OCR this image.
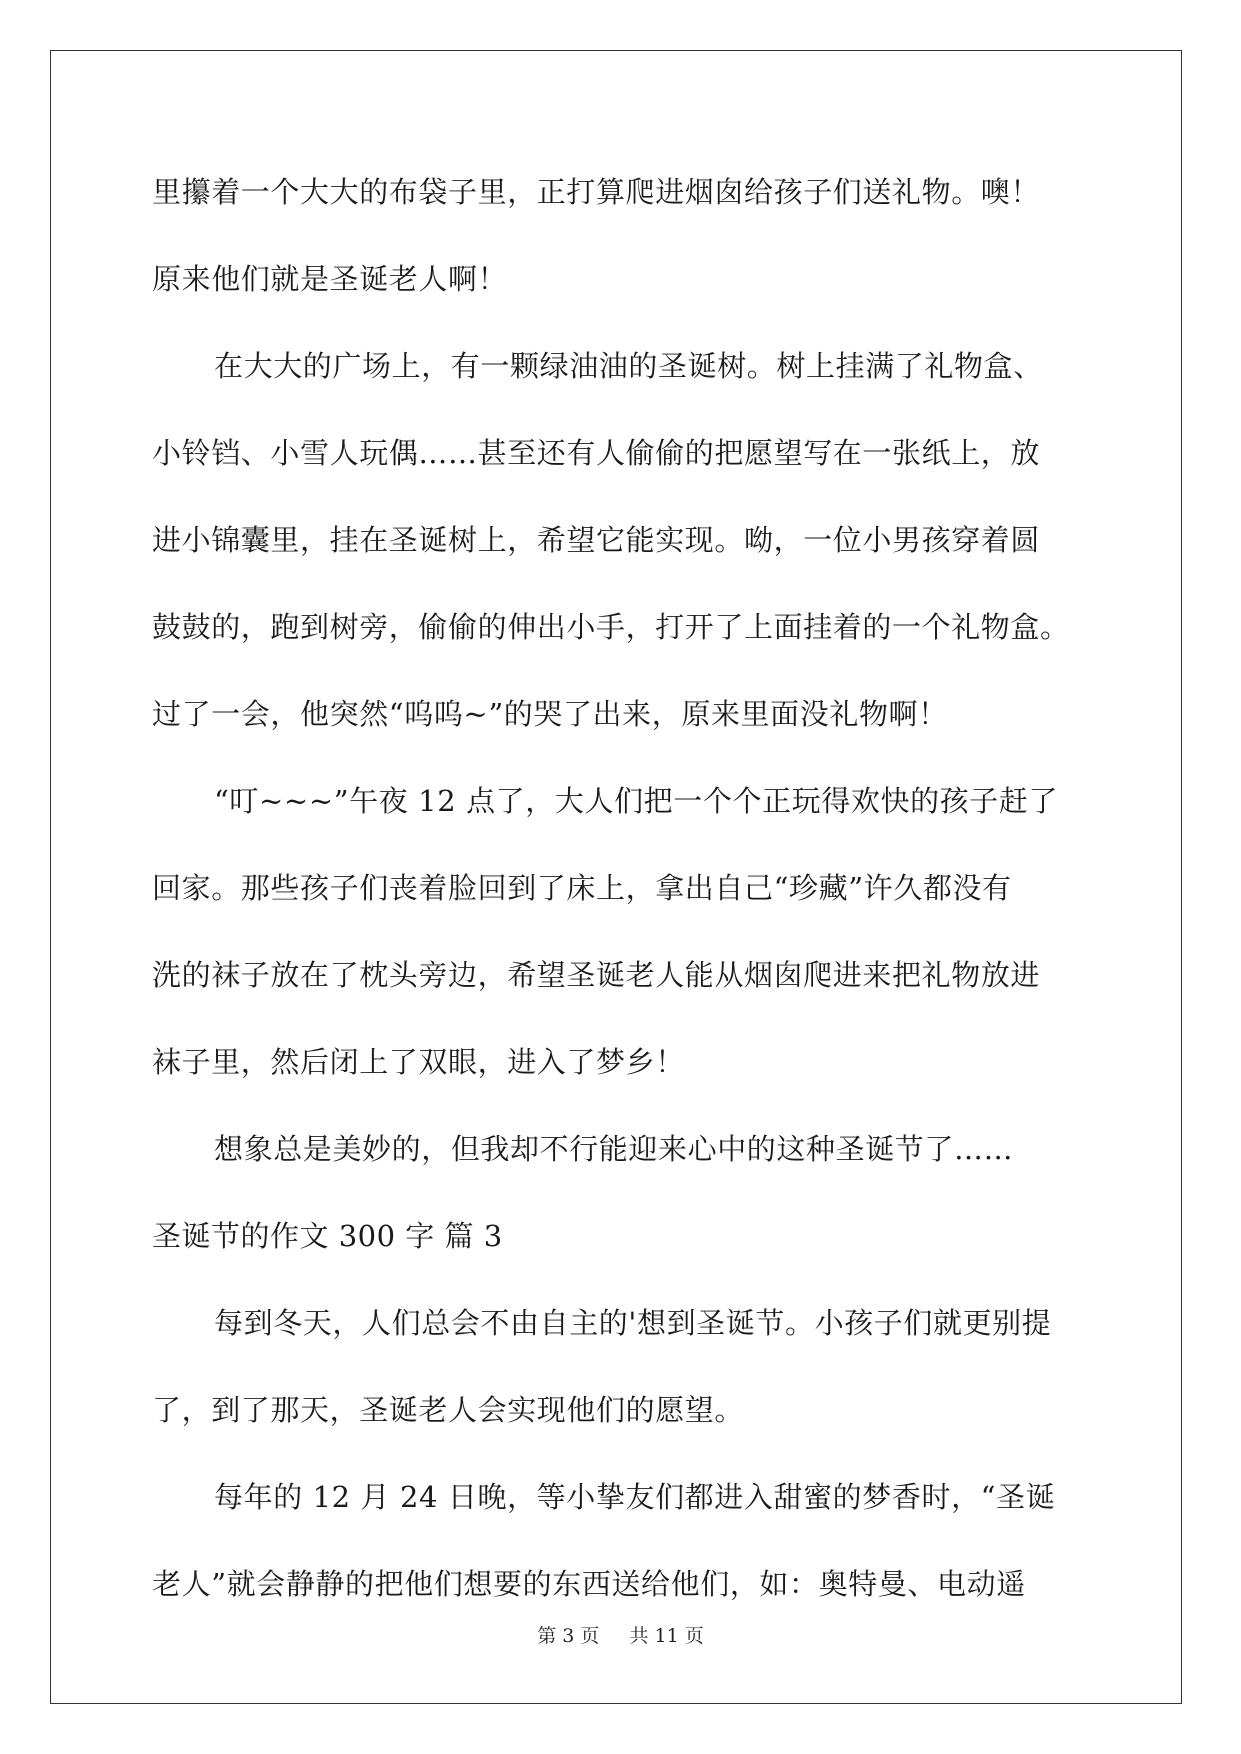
里攥着一个大大的布袋子里，正打算爬进烟囱给孩子们送礼物。噢！
原来他们就是圣诞老人啊！
在大大的广场上，有一颗绿油油的圣诞树。树上挂满了礼物盒、
小铃铛、小雪人玩偶……甚至还有人偷偷的把愿望写在一张纸上，放
进小锦囊里，挂在圣诞树上，希望它能实现。呦，一位小男孩穿着圆
鼓鼓的，跑到树旁，偷偷的伸出小手，打开了上面挂着的一个礼物盒。
过了一会，他突然“呜呜~”的哭了出来，原来里面没礼物啊！
“叮~~~”午夜 12 点了，大人们把一个个正玩得欢快的孩子赶了
回家。那些孩子们丧着脸回到了床上，拿出自己“珍藏”许久都没有
洗的袜子放在了枕头旁边，希望圣诞老人能从烟囱爬进来把礼物放进
袜子里，然后闭上了双眼，进入了梦乡！
想象总是美妙的，但我却不行能迎来心中的这种圣诞节了……
圣诞节的作文 300 字 篇 3
每到冬天，人们总会不由自主的'想到圣诞节。小孩子们就更别提
了，到了那天，圣诞老人会实现他们的愿望。
每年的 12 月 24 日晚，等小挚友们都进入甜蜜的梦香时，“圣诞
老人”就会静静的把他们想要的东西送给他们，如：奥特曼、电动遥
第 3 页 共 11 页
